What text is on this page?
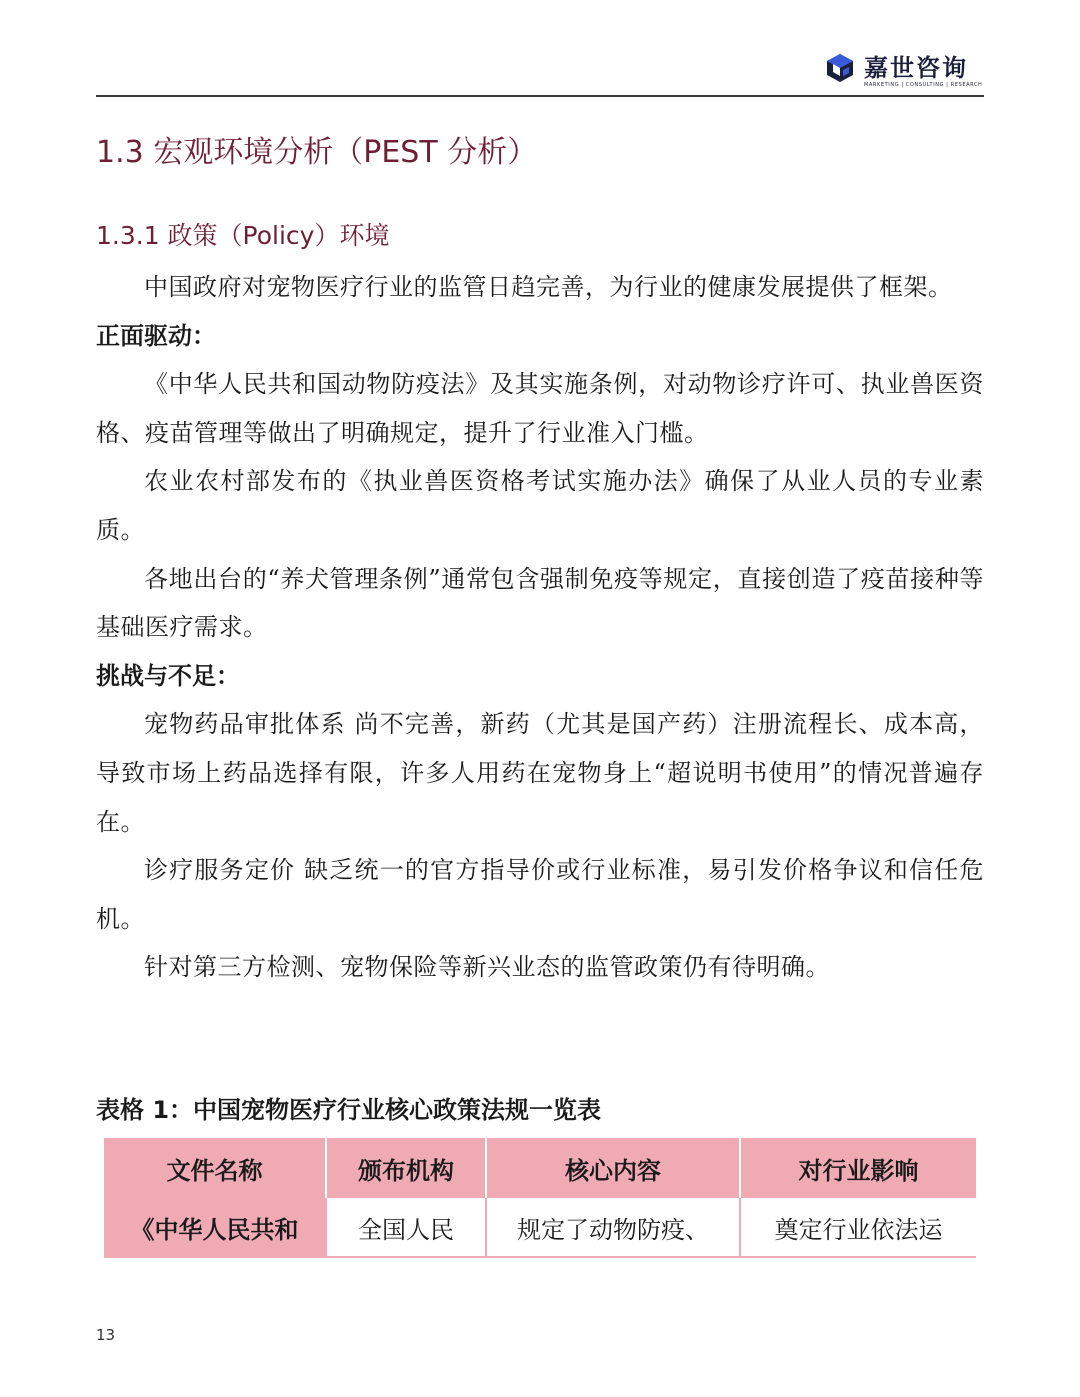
嘉世咨询
MARKETING | CONSULTING | RESEARCH
1.3 宏观环境分析（PEST 分析）
1.3.1 政策（Policy）环境

中国政府对宠物医疗行业的监管日趋完善，为行业的健康发展提供了框架。

正面驱动：

《中华人民共和国动物防疫法》及其实施条例，对动物诊疗许可、执业兽医资格、疫苗管理等做出了明确规定，提升了行业准入门槛。

农业农村部发布的《执业兽医资格考试实施办法》确保了从业人员的专业素质。

各地出台的“养犬管理条例”通常包含强制免疫等规定，直接创造了疫苗接种等基础医疗需求。

挑战与不足：

宠物药品审批体系 尚不完善，新药（尤其是国产药）注册流程长、成本高，导致市场上药品选择有限，许多人用药在宠物身上“超说明书使用”的情况普遍存在。

诊疗服务定价 缺乏统一的官方指导价或行业标准，易引发价格争议和信任危机。

针对第三方检测、宠物保险等新兴业态的监管政策仍有待明确。

表格 1：中国宠物医疗行业核心政策法规一览表
文件名称	颁布机构	核心内容	对行业影响
《中华人民共和	全国人民	规定了动物防疫、	奠定行业依法运
13
